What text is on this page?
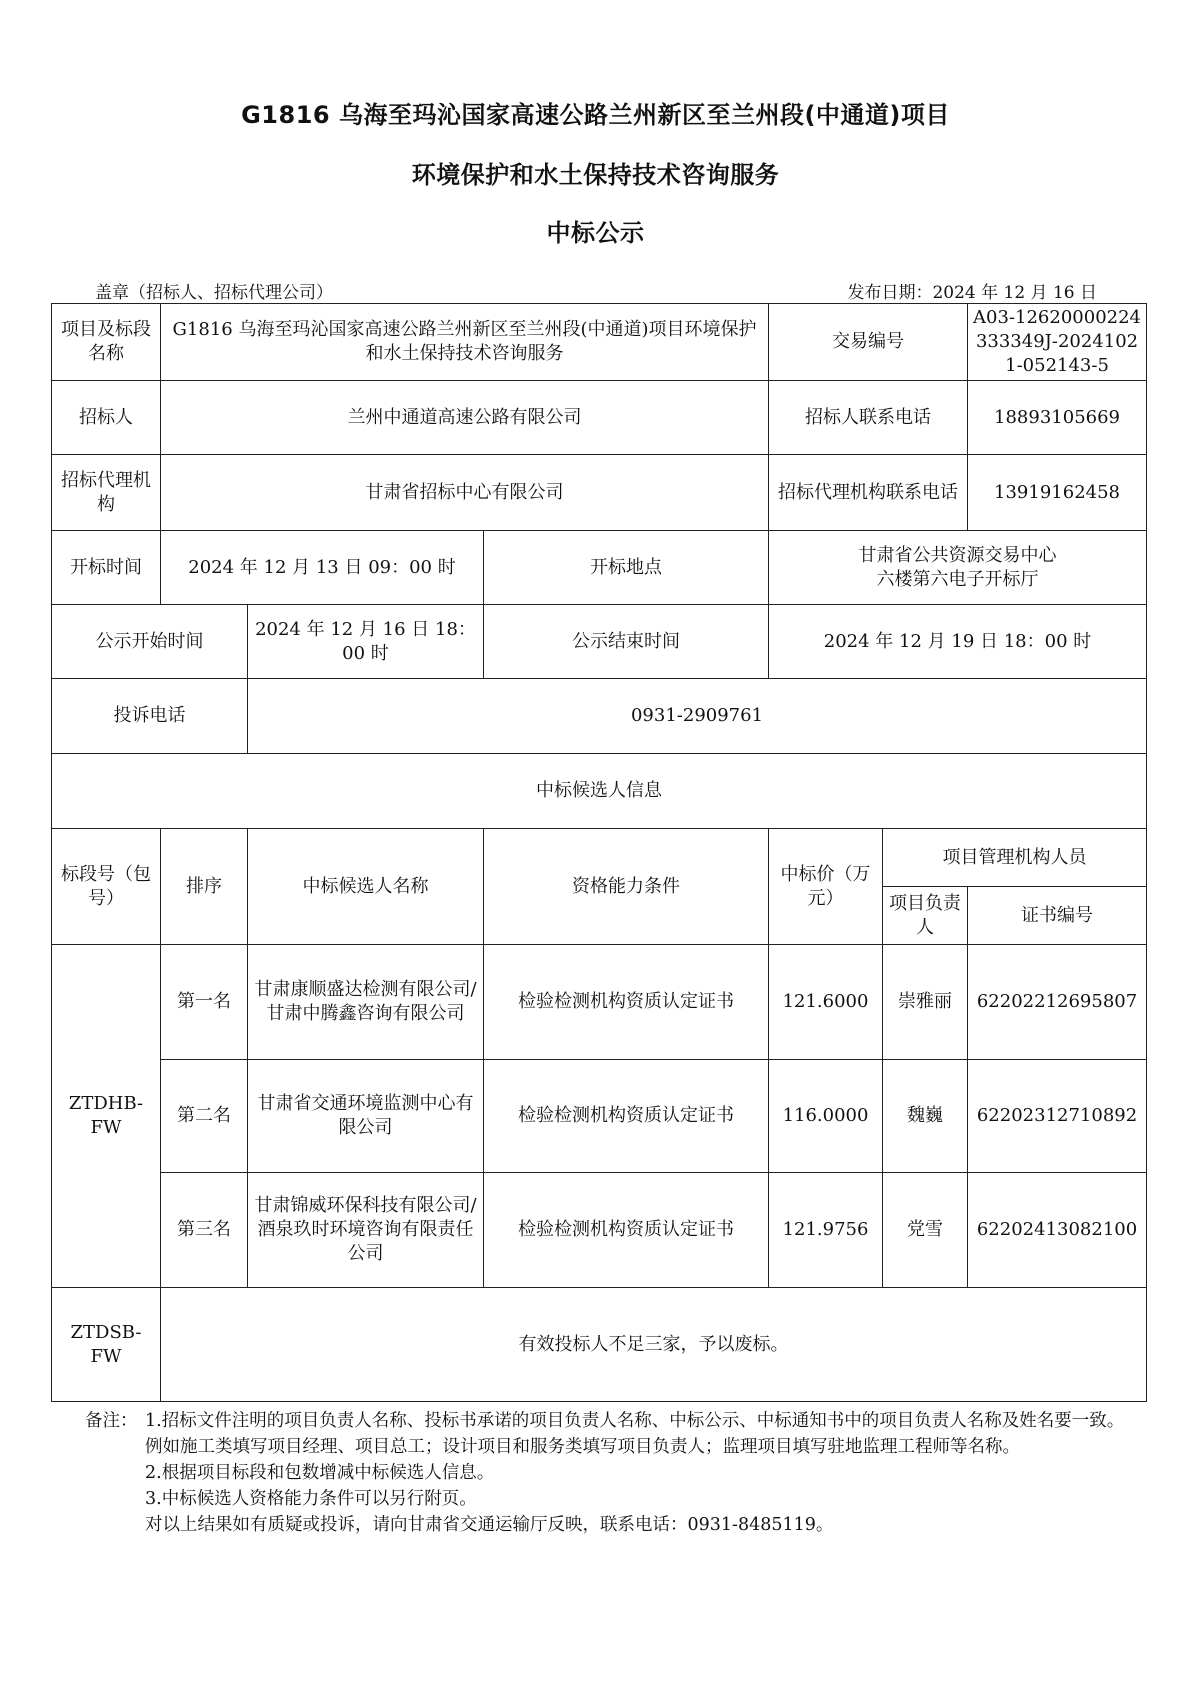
G1816 乌海至玛沁国家高速公路兰州新区至兰州段(中通道)项目
环境保护和水土保持技术咨询服务
中标公示
盖章（招标人、招标代理公司）	发布日期：2024 年 12 月 16 日
项目及标段名称	G1816 乌海至玛沁国家高速公路兰州新区至兰州段(中通道)项目环境保护和水土保持技术咨询服务			交易编号		A03-12620000224333349J-20241021-052143-5
招标人	兰州中通道高速公路有限公司			招标人联系电话		18893105669
招标代理机构	甘肃省招标中心有限公司			招标代理机构联系电话		13919162458
开标时间	2024 年 12 月 13 日 09：00 时		开标地点	甘肃省公共资源交易中心
六楼第六电子开标厅		

公示开始时间		2024 年 12 月 16 日 18：00 时	公示结束时间	2024 年 12 月 19 日 18：00 时		
投诉电话		0931-2909761				
中标候选人信息						
标段号（包号）	排序	中标候选人名称	资格能力条件	中标价（万元）	项目管理机构人员	
					项目负责人	证书编号
ZTDHB-FW	第一名	甘肃康顺盛达检测有限公司/甘肃中腾鑫咨询有限公司	检验检测机构资质认定证书	121.6000	崇雅丽	62202212695807
	第二名	甘肃省交通环境监测中心有限公司	检验检测机构资质认定证书	116.0000	魏巍	62202312710892
	第三名	甘肃锦威环保科技有限公司/酒泉玖时环境咨询有限责任公司	检验检测机构资质认定证书	121.9756	党雪	62202413082100
ZTDSB-FW	有效投标人不足三家，予以废标。					
备注： 1.招标文件注明的项目负责人名称、投标书承诺的项目负责人名称、中标公示、中标通知书中的项目负责人名称及姓名要一致。例如施工类填写项目经理、项目总工；设计项目和服务类填写项目负责人；监理项目填写驻地监理工程师等名称。
2.根据项目标段和包数增减中标候选人信息。
3.中标候选人资格能力条件可以另行附页。
对以上结果如有质疑或投诉，请向甘肃省交通运输厅反映，联系电话：0931-8485119。
